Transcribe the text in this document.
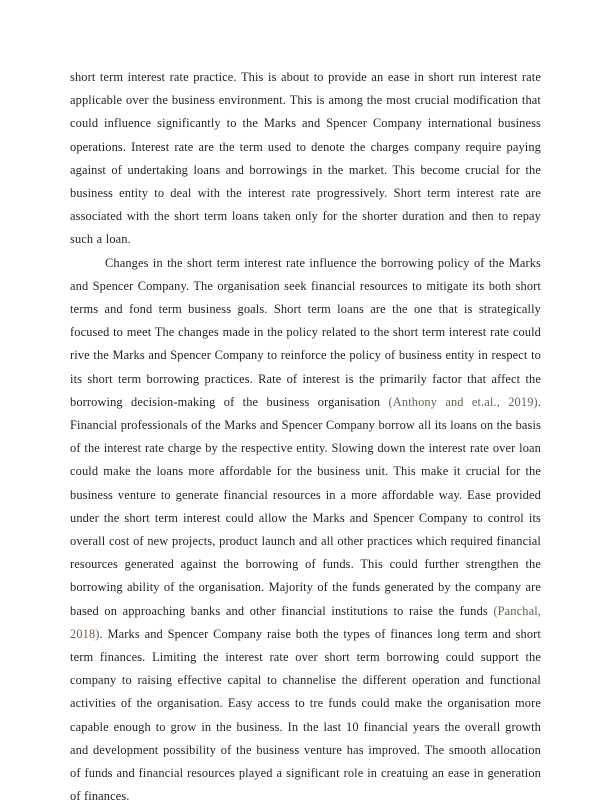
short term interest rate practice. This is about to provide an ease in short run interest rate applicable over the business environment. This is among the most crucial modification that could influence significantly to the Marks and Spencer Company international business operations. Interest rate are the term used to denote the charges company require paying against of undertaking loans and borrowings in the market. This become crucial for the business entity to deal with the interest rate progressively. Short term interest rate are associated with the short term loans taken only for the shorter duration and then to repay such a loan.

Changes in the short term interest rate influence the borrowing policy of the Marks and Spencer Company. The organisation seek financial resources to mitigate its both short terms and fond term business goals. Short term loans are the one that is strategically focused to meet The changes made in the policy related to the short term interest rate could rive the Marks and Spencer Company to reinforce the policy of business entity in respect to its short term borrowing practices. Rate of interest is the primarily factor that affect the borrowing decision-making of the business organisation (Anthony and et.al., 2019). Financial professionals of the Marks and Spencer Company borrow all its loans on the basis of the interest rate charge by the respective entity. Slowing down the interest rate over loan could make the loans more affordable for the business unit. This make it crucial for the business venture to generate financial resources in a more affordable way. Ease provided under the short term interest could allow the Marks and Spencer Company to control its overall cost of new projects, product launch and all other practices which required financial resources generated against the borrowing of funds. This could further strengthen the borrowing ability of the organisation. Majority of the funds generated by the company are based on approaching banks and other financial institutions to raise the funds (Panchal, 2018). Marks and Spencer Company raise both the types of finances long term and short term finances. Limiting the interest rate over short term borrowing could support the company to raising effective capital to channelise the different operation and functional activities of the organisation. Easy access to tre funds could make the organisation more capable enough to grow in the business. In the last 10 financial years the overall growth and development possibility of the business venture has improved. The smooth allocation of funds and financial resources played a significant role in creatuing an ease in generation of finances.
